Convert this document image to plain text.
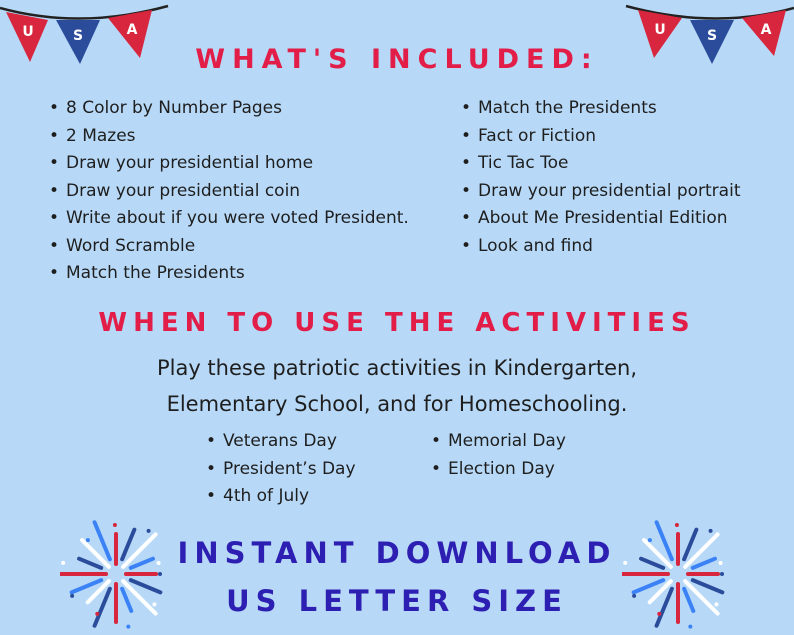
U	S	A	U	S	A
WHAT'S INCLUDED:
• 8 Color by Number Pages
• 2 Mazes
• Draw your presidential home
• Draw your presidential coin
• Write about if you were voted President.
• Word Scramble
• Match the Presidents
• Match the Presidents
• Fact or Fiction
• Tic Tac Toe
• Draw your presidential portrait
• About Me Presidential Edition
• Look and find
WHEN TO USE THE ACTIVITIES
Play these patriotic activities in Kindergarten,
Elementary School, and for Homeschooling.
• Veterans Day
• President’s Day
• 4th of July
• Memorial Day
• Election Day
INSTANT DOWNLOAD
US LETTER SIZE
